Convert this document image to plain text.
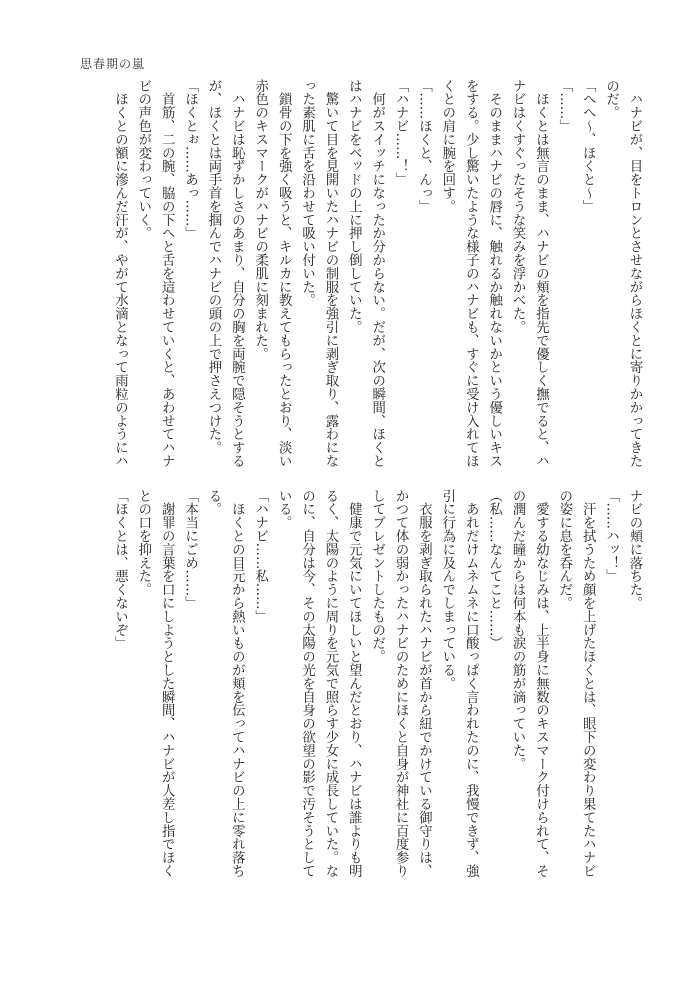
思春期の嵐
　ハナビが、目をトロンとさせながらほくとに寄りかかってきた
のだ。
「へへ〜、ほくと〜」
「……」
　ほくとは無言のまま、ハナビの頬を指先で優しく撫でると、ハ
ナビはくすぐったそうな笑みを浮かべた。
　そのままハナビの唇に、触れるか触れないかという優しいキス
をする。少し驚いたような様子のハナビも、すぐに受け入れてほ
くとの肩に腕を回す。
「……ほくと、んっ」
「ハナビ……！」
　何がスイッチになったか分からない。だが、次の瞬間、ほくと
はハナビをベッドの上に押し倒していた。
　驚いて目を見開いたハナビの制服を強引に剥ぎ取り、露わにな
った素肌に舌を沿わせて吸い付いた。
　鎖骨の下を強く吸うと、キルカに教えてもらったとおり、淡い
赤色のキスマークがハナビの柔肌に刻まれた。
　ハナビは恥ずかしさのあまり、自分の胸を両腕で隠そうとする
が、ほくとは両手首を掴んでハナビの頭の上で押さえつけた。
「ほくとぉ……あっ……」
　首筋、二の腕、脇の下へと舌を這わせていくと、あわせてハナ
ビの声色が変わっていく。
　ほくとの額に滲んだ汗が、やがて水滴となって雨粒のようにハ
ナビの頬に落ちた。
「……ハッ！」
　汗を拭うため顔を上げたほくとは、眼下の変わり果てたハナビ
の姿に息を呑んだ。
　愛する幼なじみは、上半身に無数のキスマーク付けられて、そ
の潤んだ瞳からは何本も涙の筋が滴っていた。
（私……なんてこと……）
　あれだけムネムネに口酸っぱく言われたのに、我慢できず、強
引に行為に及んでしまっている。
　衣服を剥ぎ取られたハナビが首から紐でかけている御守りは、
かつて体の弱かったハナビのためにほくと自身が神社に百度参り
してプレゼントしたものだ。
　健康で元気にいてほしいと望んだとおり、ハナビは誰よりも明
るく、太陽のように周りを元気で照らす少女に成長していた。な
のに、自分は今、その太陽の光を自身の欲望の影で汚そうとして
いる。
「ハナビ……私……」
　ほくとの目元から熱いものが頬を伝ってハナビの上に零れ落ち
る。
「本当にごめ……」
　謝罪の言葉を口にしようとした瞬間、ハナビが人差し指でほく
との口を抑えた。
「ほくとは、悪くないぞ」
